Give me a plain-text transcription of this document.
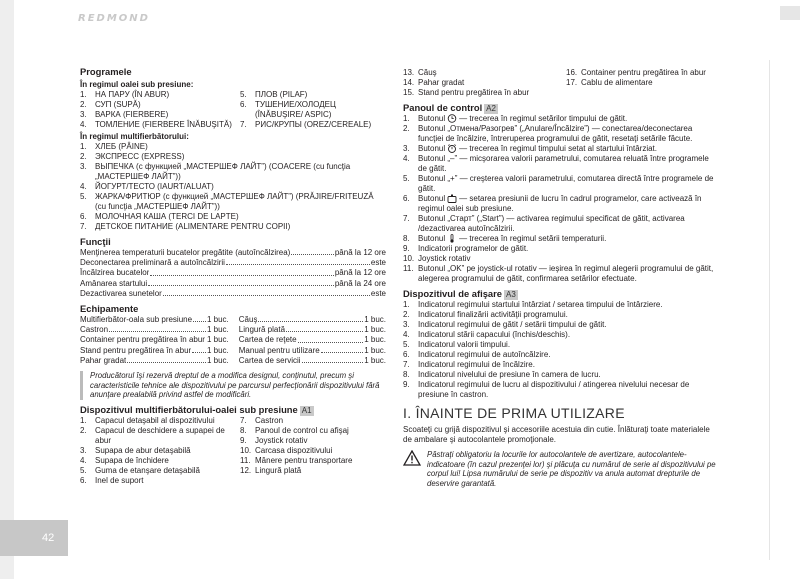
REDMOND
42
Programele
În regimul oalei sub presiune:
1.	НА ПАРУ (ÎN ABUR)
2.	СУП (SUPĂ)
3.	ВАРКА (FIERBERE)
4.	ТОМЛЕНИЕ (FIERBERE ÎNĂBUŞITĂ)
5.	ПЛОВ (PILAF)
6.	ТУШЕНИЕ/ХОЛОДЕЦ (ÎNĂBUŞIRE/ ASPIC)
7.	РИС/КРУПЫ (OREZ/CEREALE)
În regimul multifierbătorului:
1.	ХЛЕБ (PÂINE)
2.	ЭКСПРЕСС (EXPRESS)
3.	ВЫПЕЧКА (с функцией „МАСТЕРШЕФ ЛАЙТ”) (COACERE (cu funcţia „МАСТЕРШЕФ ЛАЙТ”))
4.	ЙОГУРТ/ТЕСТО (IAURT/ALUAT)
5.	ЖАРКА/ФРИТЮР (с функцией „МАСТЕРШЕФ ЛАЙТ”) (PRĂJIRE/FRITEUZĂ (cu funcţia „МАСТЕРШЕФ ЛАЙТ”))
6.	МОЛОЧНАЯ КАША (TERCI DE LAPTE)
7.	ДЕТСКОЕ ПИТАНИЕ (ALIMENTARE PENTRU COPII)
Funcţii
Menţinerea temperaturii bucatelor pregătite (autoîncălzirea)	până la 12 ore
Deconectarea preliminară a autoîncălzirii	este
Încălzirea bucatelor	până la 12 ore
Amânarea startului	până la 24 ore
Dezactivarea sunetelor	este
Echipamente
Multifierbător-oala sub presiune 1 buc.
Castron	1 buc.
Container pentru pregătirea în abur 1 buc.
Stand pentru pregătirea în abur 1 buc.
Pahar gradat	1 buc.
Căuş	1 buc.
Lingură plată	1 buc.
Cartea de reţete	1 buc.
Manual pentru utilizare	1 buc.
Cartea de servicii	1 buc.
Producătorul îşi rezervă dreptul de a modifica designul, conţinutul, precum şi caracteristicile tehnice ale dispozitivului pe parcursul perfecţionării dispozitivului fără anunţare prealabilă privind astfel de modificări.
Dispozitivul multifierbătorului-oalei sub presiune A1
1.	Capacul detaşabil al dispozitivului
2.	Capacul de deschidere a supapei de abur
3.	Supapa de abur detaşabilă
4.	Supapa de închidere
5.	Guma de etanşare detaşabilă
6.	Inel de suport
7.	Castron
8.	Panoul de control cu afişaj
9.	Joystick rotativ
10. Carcasa dispozitivului
11. Mânere pentru transportare
12. Lingură plată
13. Căuş
14. Pahar gradat
15. Stand pentru pregătirea în abur
16. Container pentru pregătirea în abur
17. Cablu de alimentare
Panoul de control A2
1.	Butonul — trecerea în regimul setărilor timpului de gătit.
2.	Butonul „Отмена/Разогрев” („Anulare/Încălzire”) — conectarea/deconectarea funcţiei de încălzire, întreruperea programului de gătit, resetaţi setările făcute.
3.	Butonul — trecerea în regimul timpului setat al startului întârziat.
4.	Butonul „–” — micşorarea valorii parametrului, comutarea reluată între programele de gătit.
5.	Butonul „+” — creşterea valorii parametrului, comutarea directă între programele de gătit.
6.	Butonul — setarea presiunii de lucru în cadrul programelor, care activează în regimul oalei sub presiune.
7.	Butonul „Старт” („Start”) — activarea regimului specificat de gătit, activarea /dezactivarea autoîncălzirii.
8.	Butonul — trecerea în regimul setării temperaturii.
9.	Indicatorii programelor de gătit.
10. Joystick rotativ
11. Butonul „OK” pe joystick-ul rotativ — ieşirea în regimul alegerii programului de gătit, alegerea programului de gătit, confirmarea setărilor efectuate.
Dispozitivul de afişare A3
1.	Indicatorul regimului startului întârziat / setarea timpului de întârziere.
2.	Indicatorul finalizării activităţii programului.
3.	Indicatorul regimului de gătit / setării timpului de gătit.
4.	Indicatorul stării capacului (închis/deschis).
5.	Indicatorul valorii timpului.
6.	Indicatorul regimului de autoîncălzire.
7.	Indicatorul regimului de încălzire.
8.	Indicatorul nivelului de presiune în camera de lucru.
9.	Indicatorul regimului de lucru al dispozitivului / atingerea nivelului necesar de presiune în castron.
I. ÎNAINTE DE PRIMA UTILIZARE
Scoateţi cu grijă dispozitivul şi accesoriile acestuia din cutie. Înlăturaţi toate materialele de ambalare şi autocolantele promoţionale.
Păstraţi obligatoriu la locurile lor autocolantele de avertizare, autocolantele-indicatoare (în cazul prezenţei lor) şi plăcuţa cu numărul de serie al dispozitivului pe corpul lui! Lipsa numărului de serie pe dispozitiv va anula automat drepturile de deservire garantată.
